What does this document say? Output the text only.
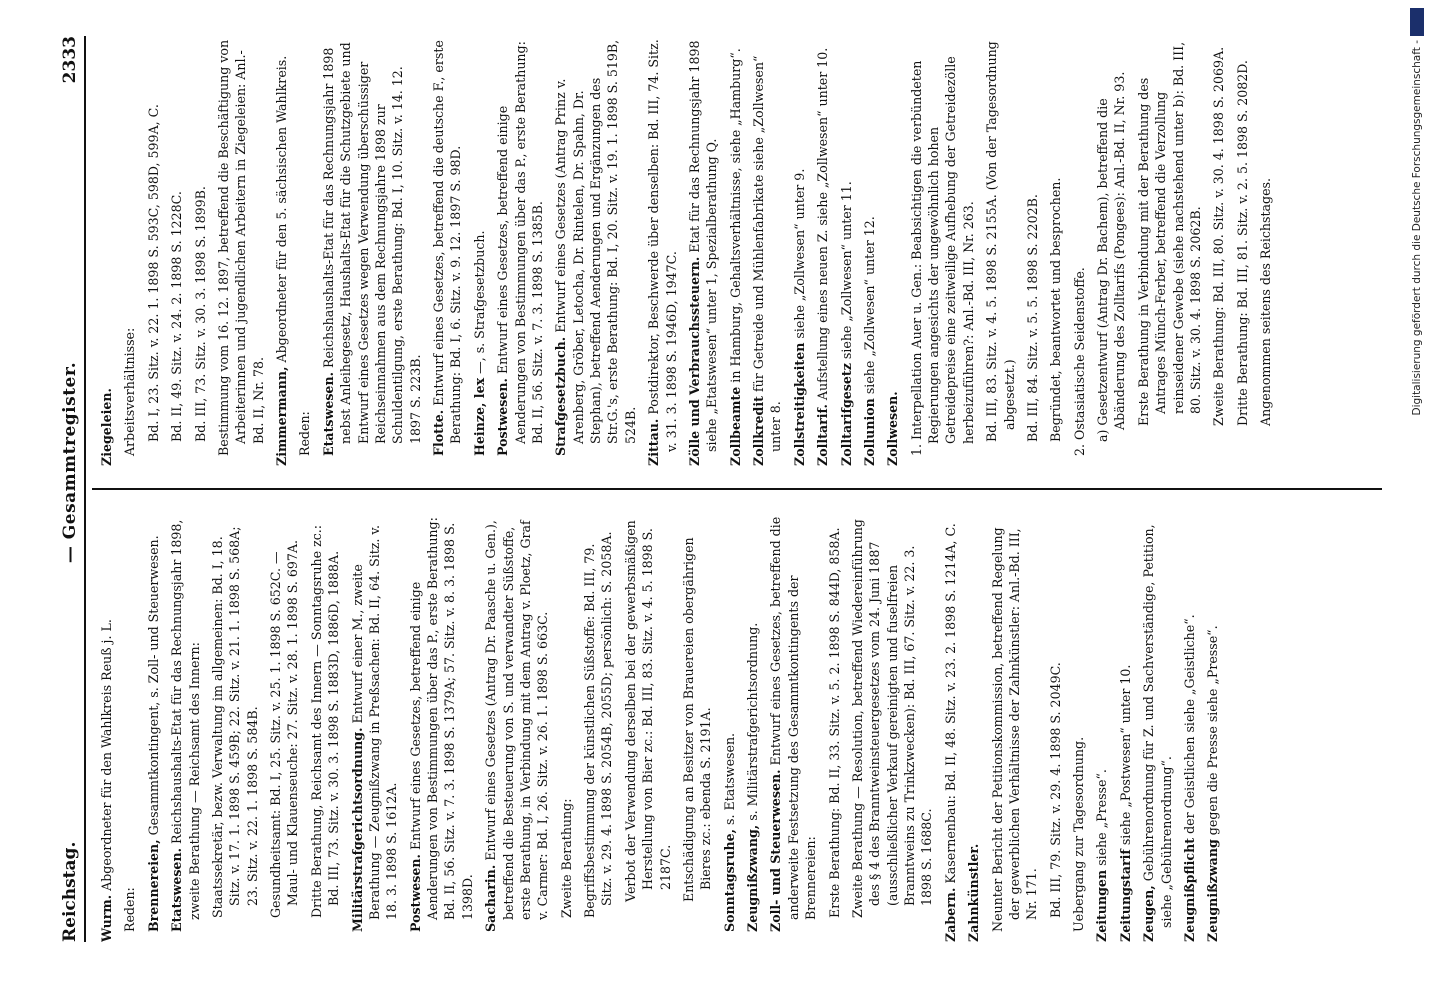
Reichstag.
— Gesammtregister.
2333
Wurm. Abgeordneter für den Wahlkreis Reuß j. L.
Reden: Brennereien, Gesammtkontingent, s. Zoll- und Steuerwesen.
Etatswesen. Reichshaushalts-Etat für das Rechnungsjahr 1898, zweite Berathung — Reichsamt des Innern: Staatssekretär, bezw. Verwaltung im allgemeinen: Bd. I, 18. Sitz. v. 17. 1. 1898 S. 459B; 22. Sitz. v. 21. 1. 1898 S. 568A; 23. Sitz. v. 22. 1. 1898 S. 584B. Gesundheitsamt: Bd. I, 25. Sitz. v. 25. 1. 1898 S. 652C. — Maul- und Klauenseuche: 27. Sitz. v. 28. 1. 1898 S. 697A. Dritte Berathung, Reichsamt des Innern — Sonntagsruhe zc.: Bd. III, 73. Sitz. v. 30. 3. 1898 S. 1883D, 1886D, 1888A. Militärstrafgerichtsordnung. Entwurf einer M., zweite Berathung — Zeugnißzwang in Preßsachen: Bd. II, 64. Sitz. v. 18. 3. 1898 S. 1612A. Postwesen. Entwurf eines Gesetzes, betreffend einige Aenderungen von Bestimmungen über das P., erste Berathung: Bd. II, 56. Sitz. v. 7. 3. 1898 S. 1379A; 57. Sitz. v. 8. 3. 1898 S. 1398D. Sacharin. Entwurf eines Gesetzes (Antrag Dr. Paasche u. Gen.), betreffend die Besteuerung von S. und verwandter Süßstoffe, erste Berathung, in Verbindung mit dem Antrag v. Ploetz, Graf v. Carmer: Bd. I, 26. Sitz. v. 26. 1. 1898 S. 663C. Zweite Berathung: Begriffsbestimmung der künstlichen Süßstoffe: Bd. III, 79. Sitz. v. 29. 4. 1898 S. 2054B, 2055D; persönlich: S. 2058A. Verbot der Verwendung derselben bei der gewerbsmäßigen Herstellung von Bier zc.: Bd. III, 83. Sitz. v. 4. 5. 1898 S. 2187C. Entschädigung an Besitzer von Brauereien obergährigen Bieres zc.: ebenda S. 2191A. Sonntagsruhe, s. Etatswesen.
Zeugnißzwang, s. Militärstrafgerichtsordnung.
Zoll- und Steuerwesen. Entwurf eines Gesetzes, betreffend die anderweite Festsetzung des Gesammtkontingents der Brennereien: Erste Berathung: Bd. II, 33. Sitz. v. 5. 2. 1898 S. 844D, 858A. Zweite Berathung — Resolution, betreffend Wiedereinführung des § 4 des Branntweinsteuergesetzes vom 24. Juni 1887 (ausschließlicher Verkauf gereinigten und fuselfreien Branntweins zu Trinkzwecken): Bd. III, 67. Sitz. v. 22. 3. 1898 S. 1688C.
Zabern. Kasernenbau: Bd. II, 48. Sitz. v. 23. 2. 1898 S. 1214A, C.
Zahnkünstler. Neunter Bericht der Petitionskommission, betreffend Regelung der gewerblichen Verhältnisse der Zahnkünstler: Anl.-Bd. III, Nr. 171. Bd. III, 79. Sitz. v. 29. 4. 1898 S. 2049C. Uebergang zur Tagesordnung. Zeitungen siehe „Presse“.
Zeitungstarif siehe „Postwesen“ unter 10.
Zeugen, Gebührenordnung für Z. und Sachverständige, Petition, siehe „Gebührenordnung“. Zeugnißpflicht der Geistlichen siehe „Geistliche“.
Zeugnißzwang gegen die Presse siehe „Presse“.
Ziegeleien. Arbeitsverhältnisse: Bd. I, 23. Sitz. v. 22. 1. 1898 S. 593C, 598D, 599A, C. Bd. II, 49. Sitz. v. 24. 2. 1898 S. 1228C. Bd. III, 73. Sitz. v. 30. 3. 1898 S. 1899B. Bestimmung vom 16. 12. 1897, betreffend die Beschäftigung von Arbeiterinnen und jugendlichen Arbeitern in Ziegeleien: Anl.-Bd. II, Nr. 78. Zimmermann, Abgeordneter für den 5. sächsischen Wahlkreis.
Reden: Etatswesen. Reichshaushalts-Etat für das Rechnungsjahr 1898 nebst Anleihegesetz, Haushalts-Etat für die Schutzgebiete und Entwurf eines Gesetzes wegen Verwendung überschüssiger Reichseinnahmen aus dem Rechnungsjahre 1898 zur Schuldentilgung, erste Berathung: Bd. I, 10. Sitz. v. 14. 12. 1897 S. 223B. Flotte. Entwurf eines Gesetzes, betreffend die deutsche F., erste Berathung: Bd. I, 6. Sitz. v. 9. 12. 1897 S. 98D. Heinze, lex —, s. Strafgesetzbuch.
Postwesen. Entwurf eines Gesetzes, betreffend einige Aenderungen von Bestimmungen über das P., erste Berathung: Bd. II, 56. Sitz. v. 7. 3. 1898 S. 1385B. Strafgesetzbuch. Entwurf eines Gesetzes (Antrag Prinz v. Arenberg, Gröber, Letocha, Dr. Rintelen, Dr. Spahn, Dr. Stephan), betreffend Aenderungen und Ergänzungen des Str.G.'s, erste Berathung: Bd. I, 20. Sitz. v. 19. 1. 1898 S. 519B, 524B. Zittau. Postdirektor, Beschwerde über denselben: Bd. III, 74. Sitz. v. 31. 3. 1898 S. 1946D, 1947C. Zölle und Verbrauchssteuern. Etat für das Rechnungsjahr 1898 siehe „Etatswesen“ unter 1, Spezialberathung Q. Zollbeamte in Hamburg, Gehaltsverhältnisse, siehe „Hamburg“.
Zollkredit für Getreide und Mühlenfabrikate siehe „Zollwesen“ unter 8. Zollstreitigkeiten siehe „Zollwesen“ unter 9.
Zolltarif. Aufstellung eines neuen Z. siehe „Zollwesen“ unter 10.
Zolltarifgesetz siehe „Zollwesen“ unter 11.
Zollunion siehe „Zollwesen“ unter 12.
Zollwesen. 1. Interpellation Auer u. Gen.: Beabsichtigen die verbündeten Regierungen angesichts der ungewöhnlich hohen Getreidepreise eine zeitweilige Aufhebung der Getreidezölle herbeizuführen?: Anl.-Bd. III, Nr. 263. Bd. III, 83. Sitz. v. 4. 5. 1898 S. 2155A. (Von der Tagesordnung abgesetzt.) Bd. III, 84. Sitz. v. 5. 5. 1898 S. 2202B. Begründet, beantwortet und besprochen. 2. Ostasiatische Seidenstoffe. a) Gesetzentwurf (Antrag Dr. Bachem), betreffend die Abänderung des Zolltarifs (Pongees): Anl.-Bd. II, Nr. 93. Erste Berathung in Verbindung mit der Berathung des Antrages Münch-Ferber, betreffend die Verzollung reinseidener Gewebe (siehe nachstehend unter b): Bd. III, 80. Sitz. v. 30. 4. 1898 S. 2062B. Zweite Berathung: Bd. III, 80. Sitz. v. 30. 4. 1898 S. 2069A. Dritte Berathung: Bd. III, 81. Sitz. v. 2. 5. 1898 S. 2082D. Angenommen seitens des Reichstages.	Digitalisierung gefördert durch die Deutsche Forschungsgemeinschaft -
